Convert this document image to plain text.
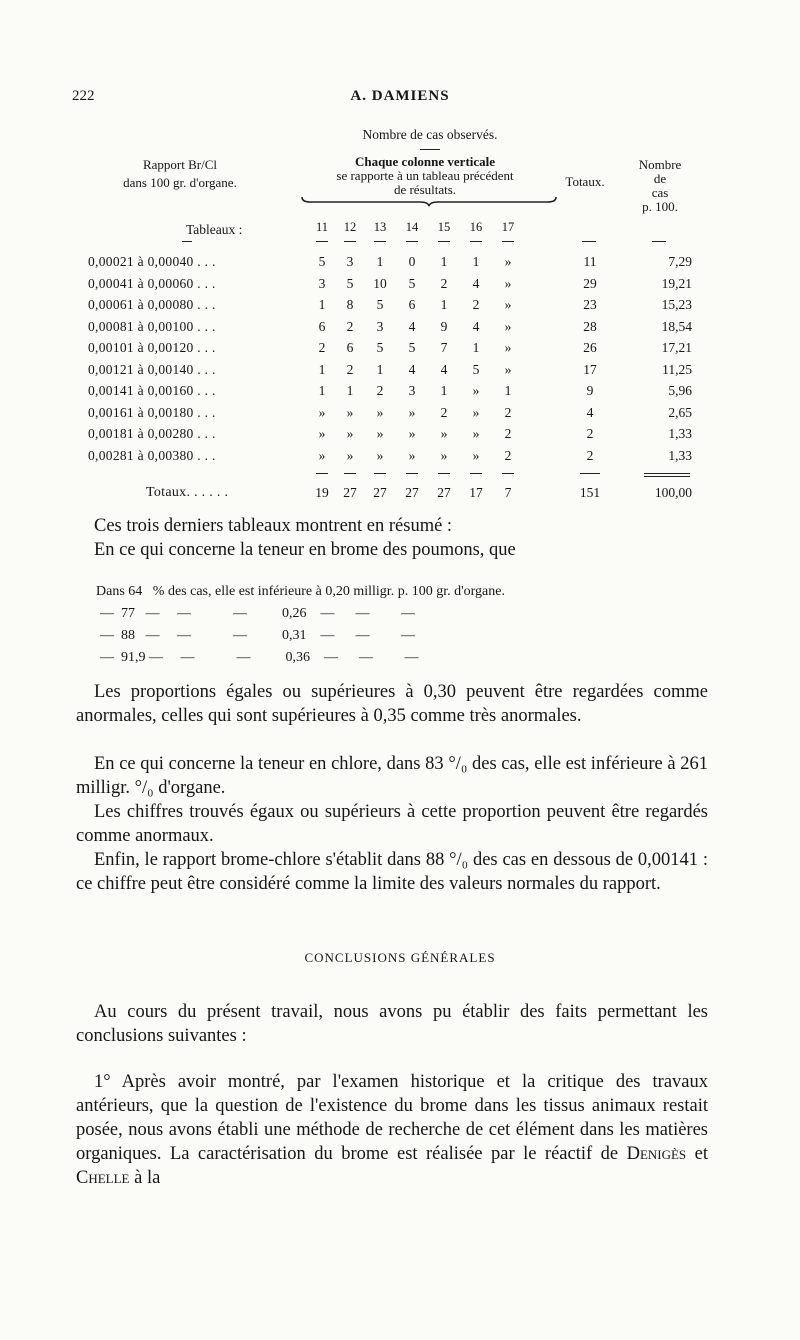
222	A. DAMIENS
Nombre de cas observés.
Rapport Br/Cl
dans 100 gr. d'organe.
Chaque colonne verticale
se rapporte à un tableau précédent
de résultats.
Totaux.
Nombre
de
cas
p. 100.
Tableaux :	11	12	13	14	15	16	17
0,00021 à 0,00040 . . .	5	3	1	0	1	1	»	11	7,29
0,00041 à 0,00060 . . .	3	5	10	5	2	4	»	29	19,21
0,00061 à 0,00080 . . .	1	8	5	6	1	2	»	23	15,23
0,00081 à 0,00100 . . .	6	2	3	4	9	4	»	28	18,54
0,00101 à 0,00120 . . .	2	6	5	5	7	1	»	26	17,21
0,00121 à 0,00140 . . .	1	2	1	4	4	5	»	17	11,25
0,00141 à 0,00160 . . .	1	1	2	3	1	»	1	9	5,96
0,00161 à 0,00180 . . .	»	»	»	»	2	»	2	4	2,65
0,00181 à 0,00280 . . .	»	»	»	»	»	»	2	2	1,33
0,00281 à 0,00380 . . .	»	»	»	»	»	»	2	2	1,33
Totaux. . . . . .	19	27	27	27	27	17	7	151	100,00
Ces trois derniers tableaux montrent en résumé :
En ce qui concerne la teneur en brome des poumons, que
Dans 64 % des cas, elle est inférieure à 0,20 milligr. p. 100 gr. d'organe.
—  77 —     —            —          0,26    —      —         —
—  88 —     —            —          0,31    —      —         —
—  91,9 —     —            —          0,36    —      —         —
Les proportions égales ou supérieures à 0,30 peuvent être regardées comme anormales, celles qui sont supérieures à 0,35 comme très anormales.
En ce qui concerne la teneur en chlore, dans 83 °/₀ des cas, elle est inférieure à 261 milligr. °/₀ d'organe.
Les chiffres trouvés égaux ou supérieurs à cette proportion peuvent être regardés comme anormaux.
Enfin, le rapport brome-chlore s'établit dans 88 °/₀ des cas en dessous de 0,00141 : ce chiffre peut être considéré comme la limite des valeurs normales du rapport.
CONCLUSIONS GÉNÉRALES
Au cours du présent travail, nous avons pu établir des faits permettant les conclusions suivantes :
1° Après avoir montré, par l'examen historique et la critique des travaux antérieurs, que la question de l'existence du brome dans les tissus animaux restait posée, nous avons établi une méthode de recherche de cet élément dans les matières organiques. La caractérisation du brome est réalisée par le réactif de Denigès et Chelle à la
